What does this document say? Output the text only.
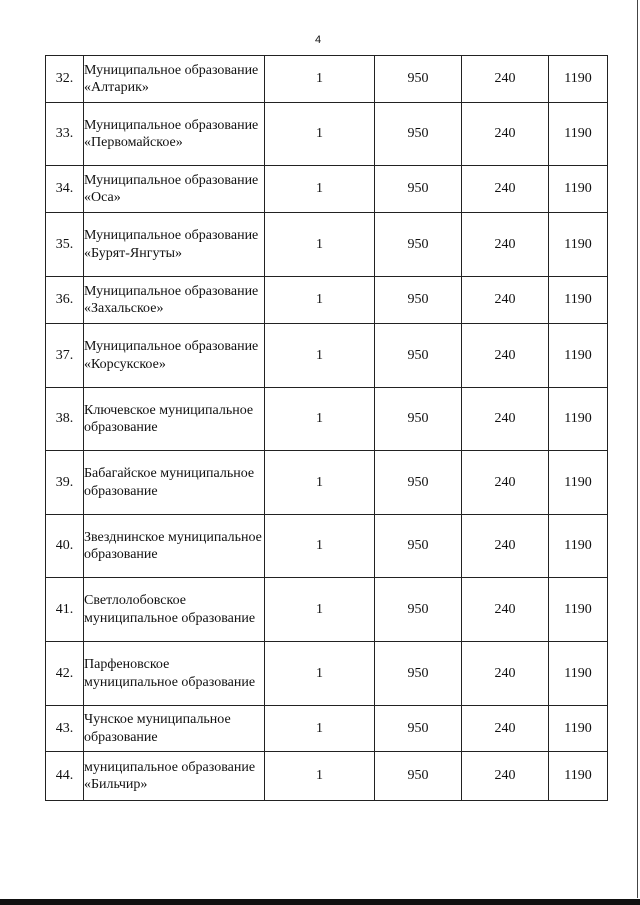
4
32.	Муниципальное образование «Алтарик»	1	950	240	1190
33.	Муниципальное образование «Первомайское»	1	950	240	1190
34.	Муниципальное образование «Оса»	1	950	240	1190
35.	Муниципальное образование «Бурят-Янгуты»	1	950	240	1190
36.	Муниципальное образование «Захальское»	1	950	240	1190
37.	Муниципальное образование «Корсукское»	1	950	240	1190
38.	Ключевское муниципальное образование	1	950	240	1190
39.	Бабагайское муниципальное образование	1	950	240	1190
40.	Звезднинское муниципальное образование	1	950	240	1190
41.	Светлолобовское муниципальное образование	1	950	240	1190
42.	Парфеновское муниципальное образование	1	950	240	1190
43.	Чунское муниципальное образование	1	950	240	1190
44.	муниципальное образование «Бильчир»	1	950	240	1190
